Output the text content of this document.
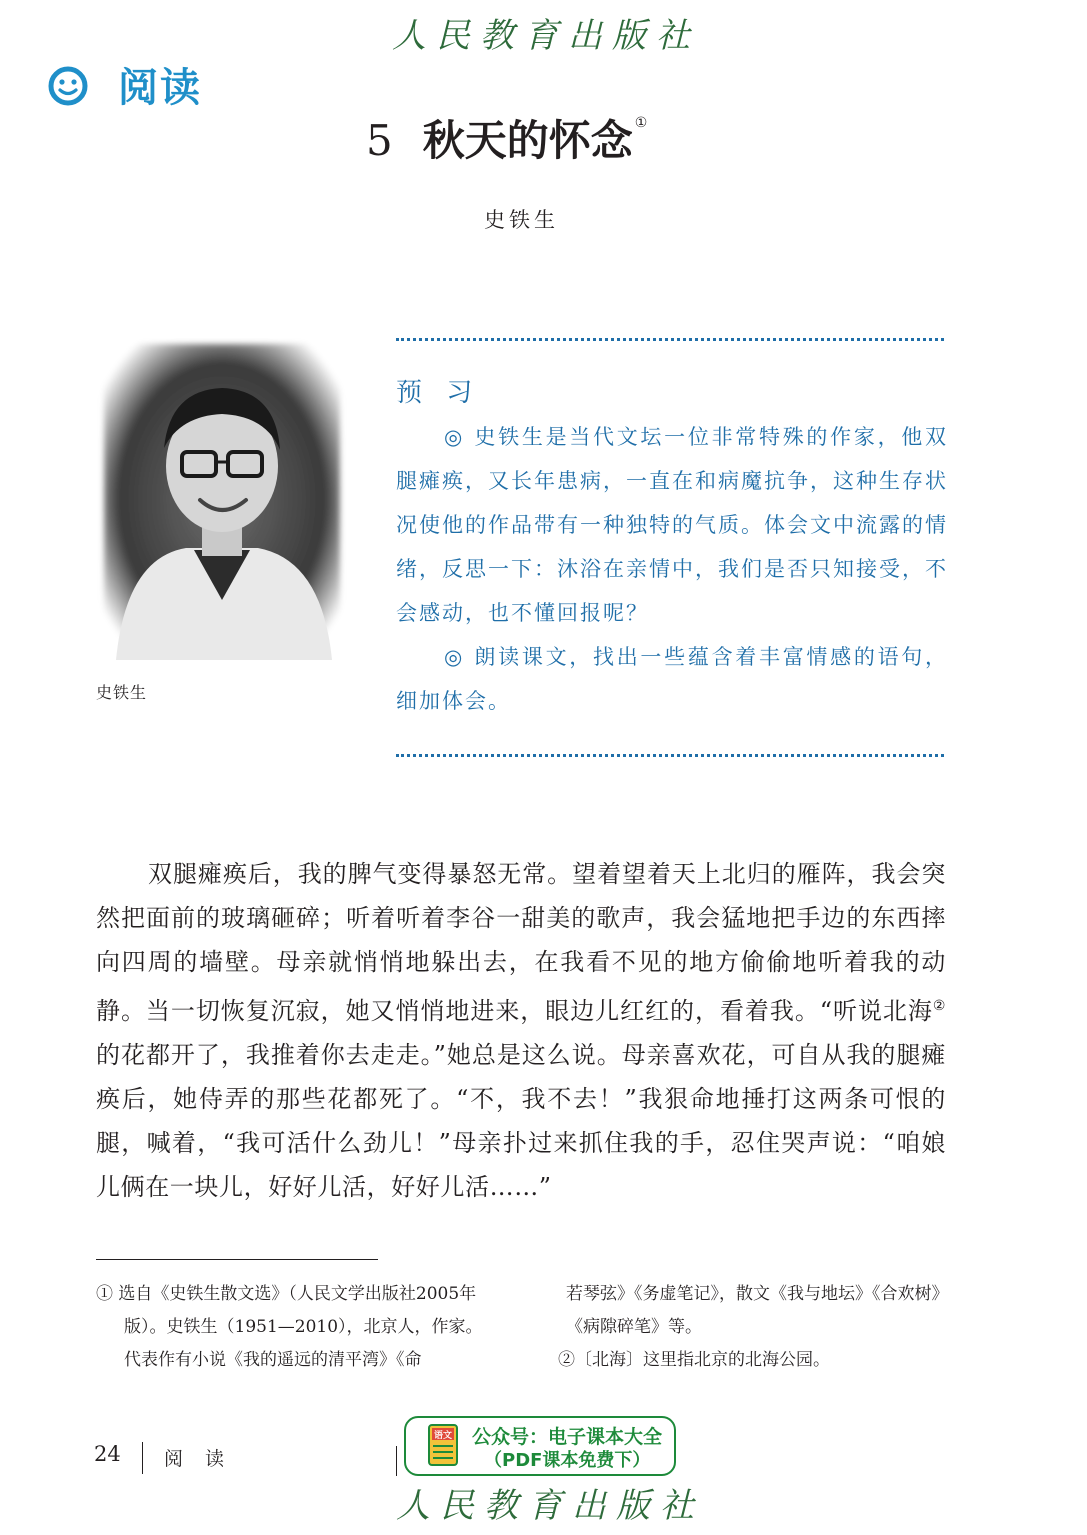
人民教育出版社
阅读
5 秋天的怀念 ①
史铁生
史铁生
预 习

◎ 史铁生是当代文坛一位非常特殊的作家，他双腿瘫痪，又长年患病，一直在和病魔抗争，这种生存状况使他的作品带有一种独特的气质。体会文中流露的情绪，反思一下：沐浴在亲情中，我们是否只知接受，不会感动，也不懂回报呢？

◎ 朗读课文，找出一些蕴含着丰富情感的语句，细加体会。

双腿瘫痪后，我的脾气变得暴怒无常。望着望着天上北归的雁阵，我会突然把面前的玻璃砸碎；听着听着李谷一甜美的歌声，我会猛地把手边的东西摔向四周的墙壁。母亲就悄悄地躲出去，在我看不见的地方偷偷地听着我的动静。当一切恢复沉寂，她又悄悄地进来，眼边儿红红的，看着我。“听说北海②的花都开了，我推着你去走走。”她总是这么说。母亲喜欢花，可自从我的腿瘫痪后，她侍弄的那些花都死了。“不，我不去！”我狠命地捶打这两条可恨的腿，喊着，“我可活什么劲儿！”母亲扑过来抓住我的手，忍住哭声说：“咱娘儿俩在一块儿，好好儿活，好好儿活……”

① 选自《史铁生散文选》（人民文学出版社2005年版）。史铁生（1951—2010），北京人，作家。代表作有小说《我的遥远的清平湾》《命

若琴弦》《务虚笔记》，散文《我与地坛》《合欢树》《病隙碎笔》等。

②〔北海〕这里指北京的北海公园。

24 阅 读
语文 公众号：电子课本大全
（PDF课本免费下）
人民教育出版社
